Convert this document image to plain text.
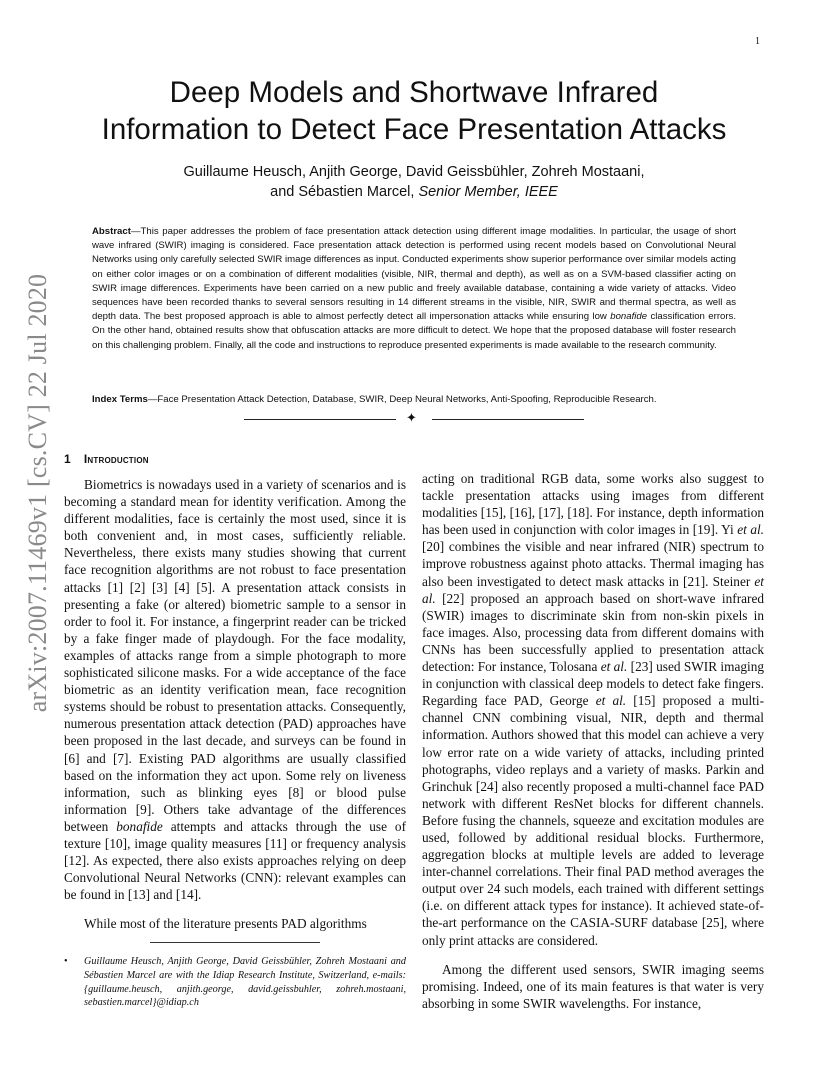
1
arXiv:2007.11469v1 [cs.CV] 22 Jul 2020
Deep Models and Shortwave Infrared
Information to Detect Face Presentation Attacks
Guillaume Heusch, Anjith George, David Geissbühler, Zohreh Mostaani,
and Sébastien Marcel, Senior Member, IEEE
Abstract—This paper addresses the problem of face presentation attack detection using different image modalities. In particular, the usage of short wave infrared (SWIR) imaging is considered. Face presentation attack detection is performed using recent models based on Convolutional Neural Networks using only carefully selected SWIR image differences as input. Conducted experiments show superior performance over similar models acting on either color images or on a combination of different modalities (visible, NIR, thermal and depth), as well as on a SVM-based classifier acting on SWIR image differences. Experiments have been carried on a new public and freely available database, containing a wide variety of attacks. Video sequences have been recorded thanks to several sensors resulting in 14 different streams in the visible, NIR, SWIR and thermal spectra, as well as depth data. The best proposed approach is able to almost perfectly detect all impersonation attacks while ensuring low bonafide classification errors. On the other hand, obtained results show that obfuscation attacks are more difficult to detect. We hope that the proposed database will foster research on this challenging problem. Finally, all the code and instructions to reproduce presented experiments is made available to the research community.
Index Terms—Face Presentation Attack Detection, Database, SWIR, Deep Neural Networks, Anti-Spoofing, Reproducible Research.
✦
1 Introduction

Biometrics is nowadays used in a variety of scenarios and is becoming a standard mean for identity verification. Among the different modalities, face is certainly the most used, since it is both convenient and, in most cases, sufficiently reliable. Nevertheless, there exists many studies showing that current face recognition algorithms are not robust to face presentation attacks [1] [2] [3] [4] [5]. A presentation attack consists in presenting a fake (or altered) biometric sample to a sensor in order to fool it. For instance, a fingerprint reader can be tricked by a fake finger made of playdough. For the face modality, examples of attacks range from a simple photograph to more sophisticated silicone masks. For a wide acceptance of the face biometric as an identity verification mean, face recognition systems should be robust to presentation attacks. Consequently, numerous presentation attack detection (PAD) approaches have been proposed in the last decade, and surveys can be found in [6] and [7]. Existing PAD algorithms are usually classified based on the information they act upon. Some rely on liveness information, such as blinking eyes [8] or blood pulse information [9]. Others take advantage of the differences between bonafide attempts and attacks through the use of texture [10], image quality measures [11] or frequency analysis [12]. As expected, there also exists approaches relying on deep Convolutional Neural Networks (CNN): relevant examples can be found in [13] and [14].

While most of the literature presents PAD algorithms

• Guillaume Heusch, Anjith George, David Geissbühler, Zohreh Mostaani and Sébastien Marcel are with the Idiap Research Institute, Switzerland, e-mails: {guillaume.heusch, anjith.george, david.geissbuhler, zohreh.mostaani, sebastien.marcel}@idiap.ch

acting on traditional RGB data, some works also suggest to tackle presentation attacks using images from different modalities [15], [16], [17], [18]. For instance, depth information has been used in conjunction with color images in [19]. Yi et al. [20] combines the visible and near infrared (NIR) spectrum to improve robustness against photo attacks. Thermal imaging has also been investigated to detect mask attacks in [21]. Steiner et al. [22] proposed an approach based on short-wave infrared (SWIR) images to discriminate skin from non-skin pixels in face images. Also, processing data from different domains with CNNs has been successfully applied to presentation attack detection: For instance, Tolosana et al. [23] used SWIR imaging in conjunction with classical deep models to detect fake fingers. Regarding face PAD, George et al. [15] proposed a multi-channel CNN combining visual, NIR, depth and thermal information. Authors showed that this model can achieve a very low error rate on a wide variety of attacks, including printed photographs, video replays and a variety of masks. Parkin and Grinchuk [24] also recently proposed a multi-channel face PAD network with different ResNet blocks for different channels. Before fusing the channels, squeeze and excitation modules are used, followed by additional residual blocks. Furthermore, aggregation blocks at multiple levels are added to leverage inter-channel correlations. Their final PAD method averages the output over 24 such models, each trained with different settings (i.e. on different attack types for instance). It achieved state-of-the-art performance on the CASIA-SURF database [25], where only print attacks are considered.

Among the different used sensors, SWIR imaging seems promising. Indeed, one of its main features is that water is very absorbing in some SWIR wavelengths. For instance,
